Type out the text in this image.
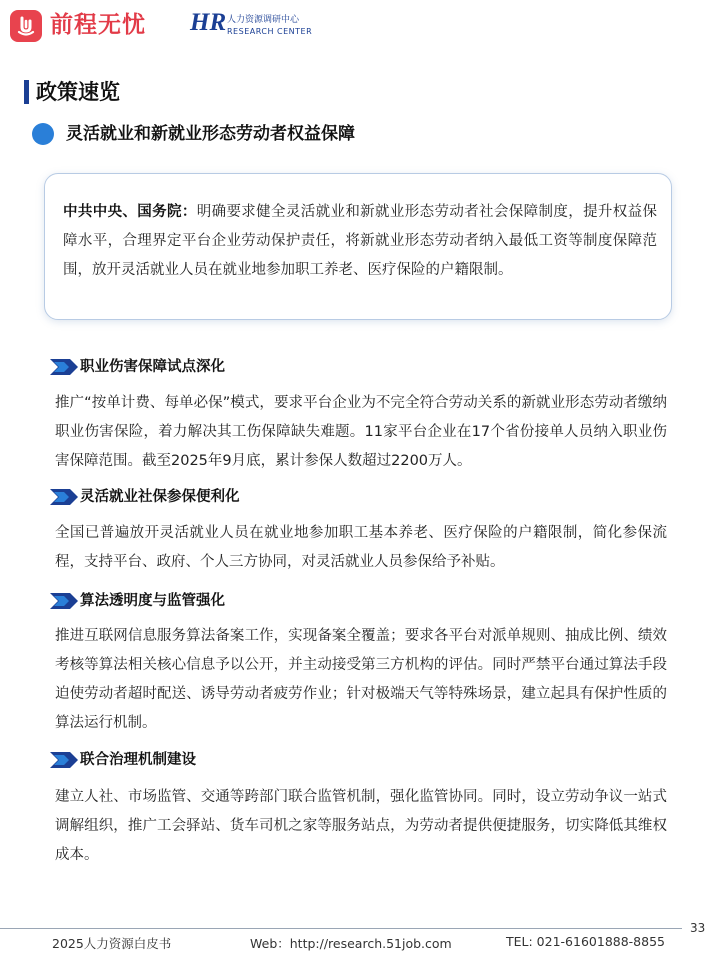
前程无忧 HR 人力资源调研中心
RESEARCH CENTER
政策速览
灵活就业和新就业形态劳动者权益保障
中共中央、国务院：明确要求健全灵活就业和新就业形态劳动者社会保障制度，提升权益保障水平，合理界定平台企业劳动保护责任，将新就业形态劳动者纳入最低工资等制度保障范围，放开灵活就业人员在就业地参加职工养老、医疗保险的户籍限制。
职业伤害保障试点深化
推广“按单计费、每单必保”模式，要求平台企业为不完全符合劳动关系的新就业形态劳动者缴纳职业伤害保险，着力解决其工伤保障缺失难题。11家平台企业在17个省份接单人员纳入职业伤害保障范围。截至2025年9月底，累计参保人数超过2200万人。
灵活就业社保参保便利化
全国已普遍放开灵活就业人员在就业地参加职工基本养老、医疗保险的户籍限制，简化参保流程，支持平台、政府、个人三方协同，对灵活就业人员参保给予补贴。
算法透明度与监管强化
推进互联网信息服务算法备案工作，实现备案全覆盖；要求各平台对派单规则、抽成比例、绩效考核等算法相关核心信息予以公开，并主动接受第三方机构的评估。同时严禁平台通过算法手段迫使劳动者超时配送、诱导劳动者疲劳作业；针对极端天气等特殊场景，建立起具有保护性质的算法运行机制。
联合治理机制建设
建立人社、市场监管、交通等跨部门联合监管机制，强化监管协同。同时，设立劳动争议一站式调解组织，推广工会驿站、货车司机之家等服务站点，为劳动者提供便捷服务，切实降低其维权成本。
33
2025人力资源白皮书	Web：http://research.51job.com	TEL: 021-61601888-8855
